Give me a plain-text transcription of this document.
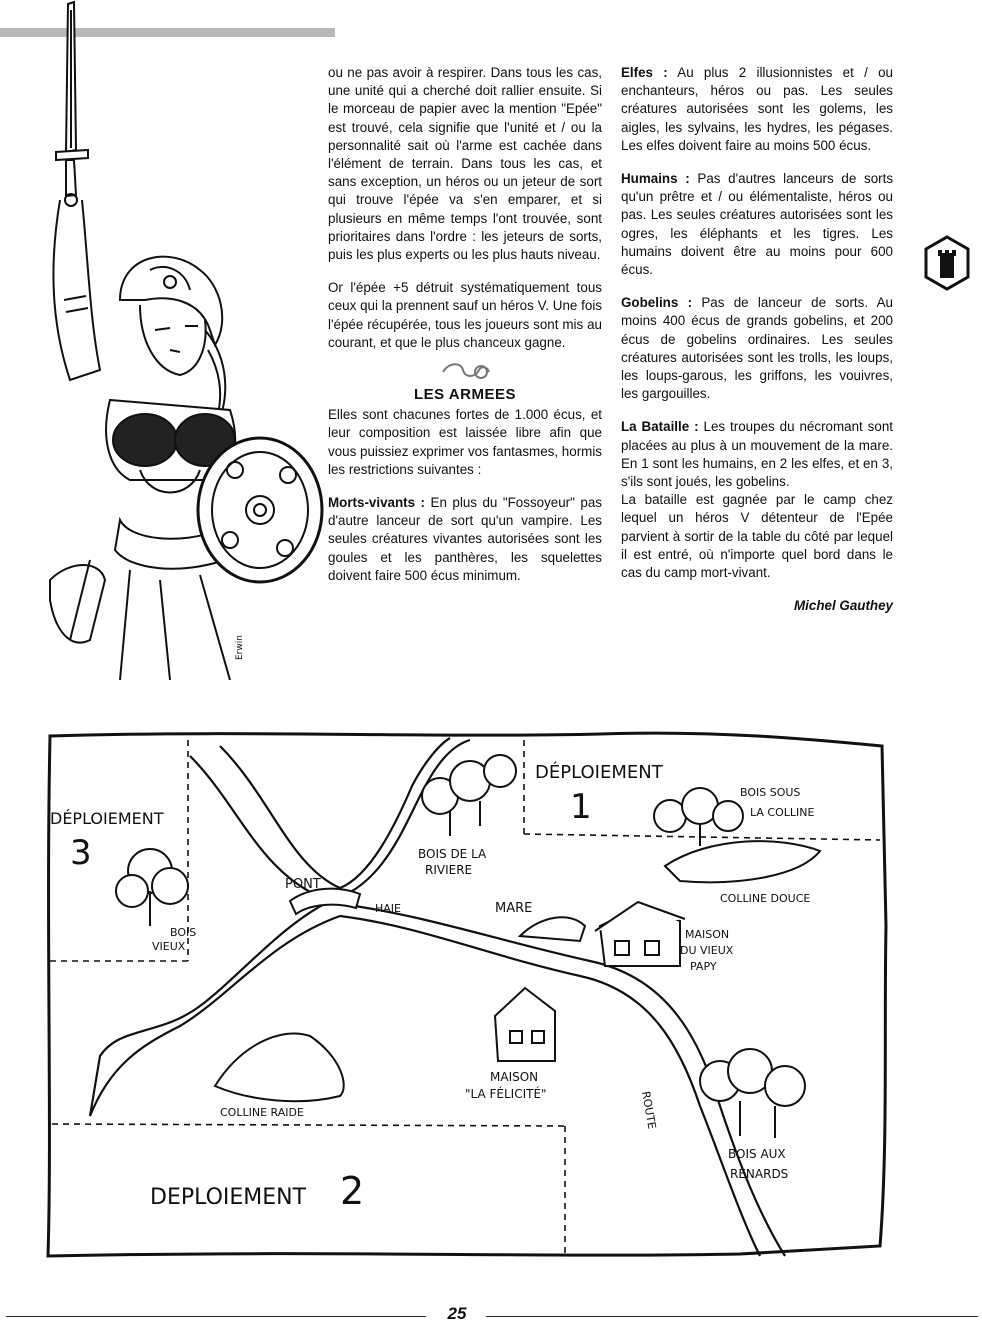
Erwin

ou ne pas avoir à respirer. Dans tous les cas, une unité qui a cherché doit rallier ensuite. Si le morceau de papier avec la mention "Epée" est trouvé, cela signifie que l'unité et / ou la personnalité sait où l'arme est cachée dans l'élément de terrain. Dans tous les cas, et sans exception, un héros ou un jeteur de sort qui trouve l'épée va s'en emparer, et si plusieurs en même temps l'ont trouvée, sont prioritaires dans l'ordre : les jeteurs de sorts, puis les plus experts ou les plus hauts niveau.

Or l'épée +5 détruit systématiquement tous ceux qui la prennent sauf un héros V. Une fois l'épée récupérée, tous les joueurs sont mis au courant, et que le plus chanceux gagne.

LES ARMEES

Elles sont chacunes fortes de 1.000 écus, et leur composition est laissée libre afin que vous puissiez exprimer vos fantasmes, hormis les restrictions suivantes :

Morts-vivants : En plus du "Fossoyeur" pas d'autre lanceur de sort qu'un vampire. Les seules créatures vivantes autorisées sont les goules et les panthères, les squelettes doivent faire 500 écus minimum.

Elfes : Au plus 2 illusionnistes et / ou enchanteurs, héros ou pas. Les seules créatures autorisées sont les golems, les aigles, les sylvains, les hydres, les pégases. Les elfes doivent faire au moins 500 écus.

Humains : Pas d'autres lanceurs de sorts qu'un prêtre et / ou élémentaliste, héros ou pas. Les seules créatures autorisées sont les ogres, les éléphants et les tigres. Les humains doivent être au moins pour 600 écus.

Gobelins : Pas de lanceur de sorts. Au moins 400 écus de grands gobelins, et 200 écus de gobelins ordinaires. Les seules créatures autorisées sont les trolls, les loups, les loups-garous, les griffons, les vouivres, les gargouilles.

La Bataille : Les troupes du nécromant sont placées au plus à un mouvement de la mare. En 1 sont les humains, en 2 les elfes, et en 3, s'ils sont joués, les gobelins.

La bataille est gagnée par le camp chez lequel un héros V détenteur de l'Epée parvient à sortir de la table du côté par lequel il est entré, où n'importe quel bord dans le cas du camp mort-vivant.

Michel Gauthey

DÉPLOIEMENT
1
DÉPLOIEMENT
3
DEPLOIEMENT 2
BOIS SOUS
LA COLLINE
COLLINE DOUCE
BOIS DE LA
RIVIERE
PONT
HAIE	MARE
MAISON
DU VIEUX
PAPY
BOIS
VIEUX
MAISON
"LA FÉLICITÉ"
COLLINE RAIDE	ROUTE
BOIS AUX
RENARDS
25
